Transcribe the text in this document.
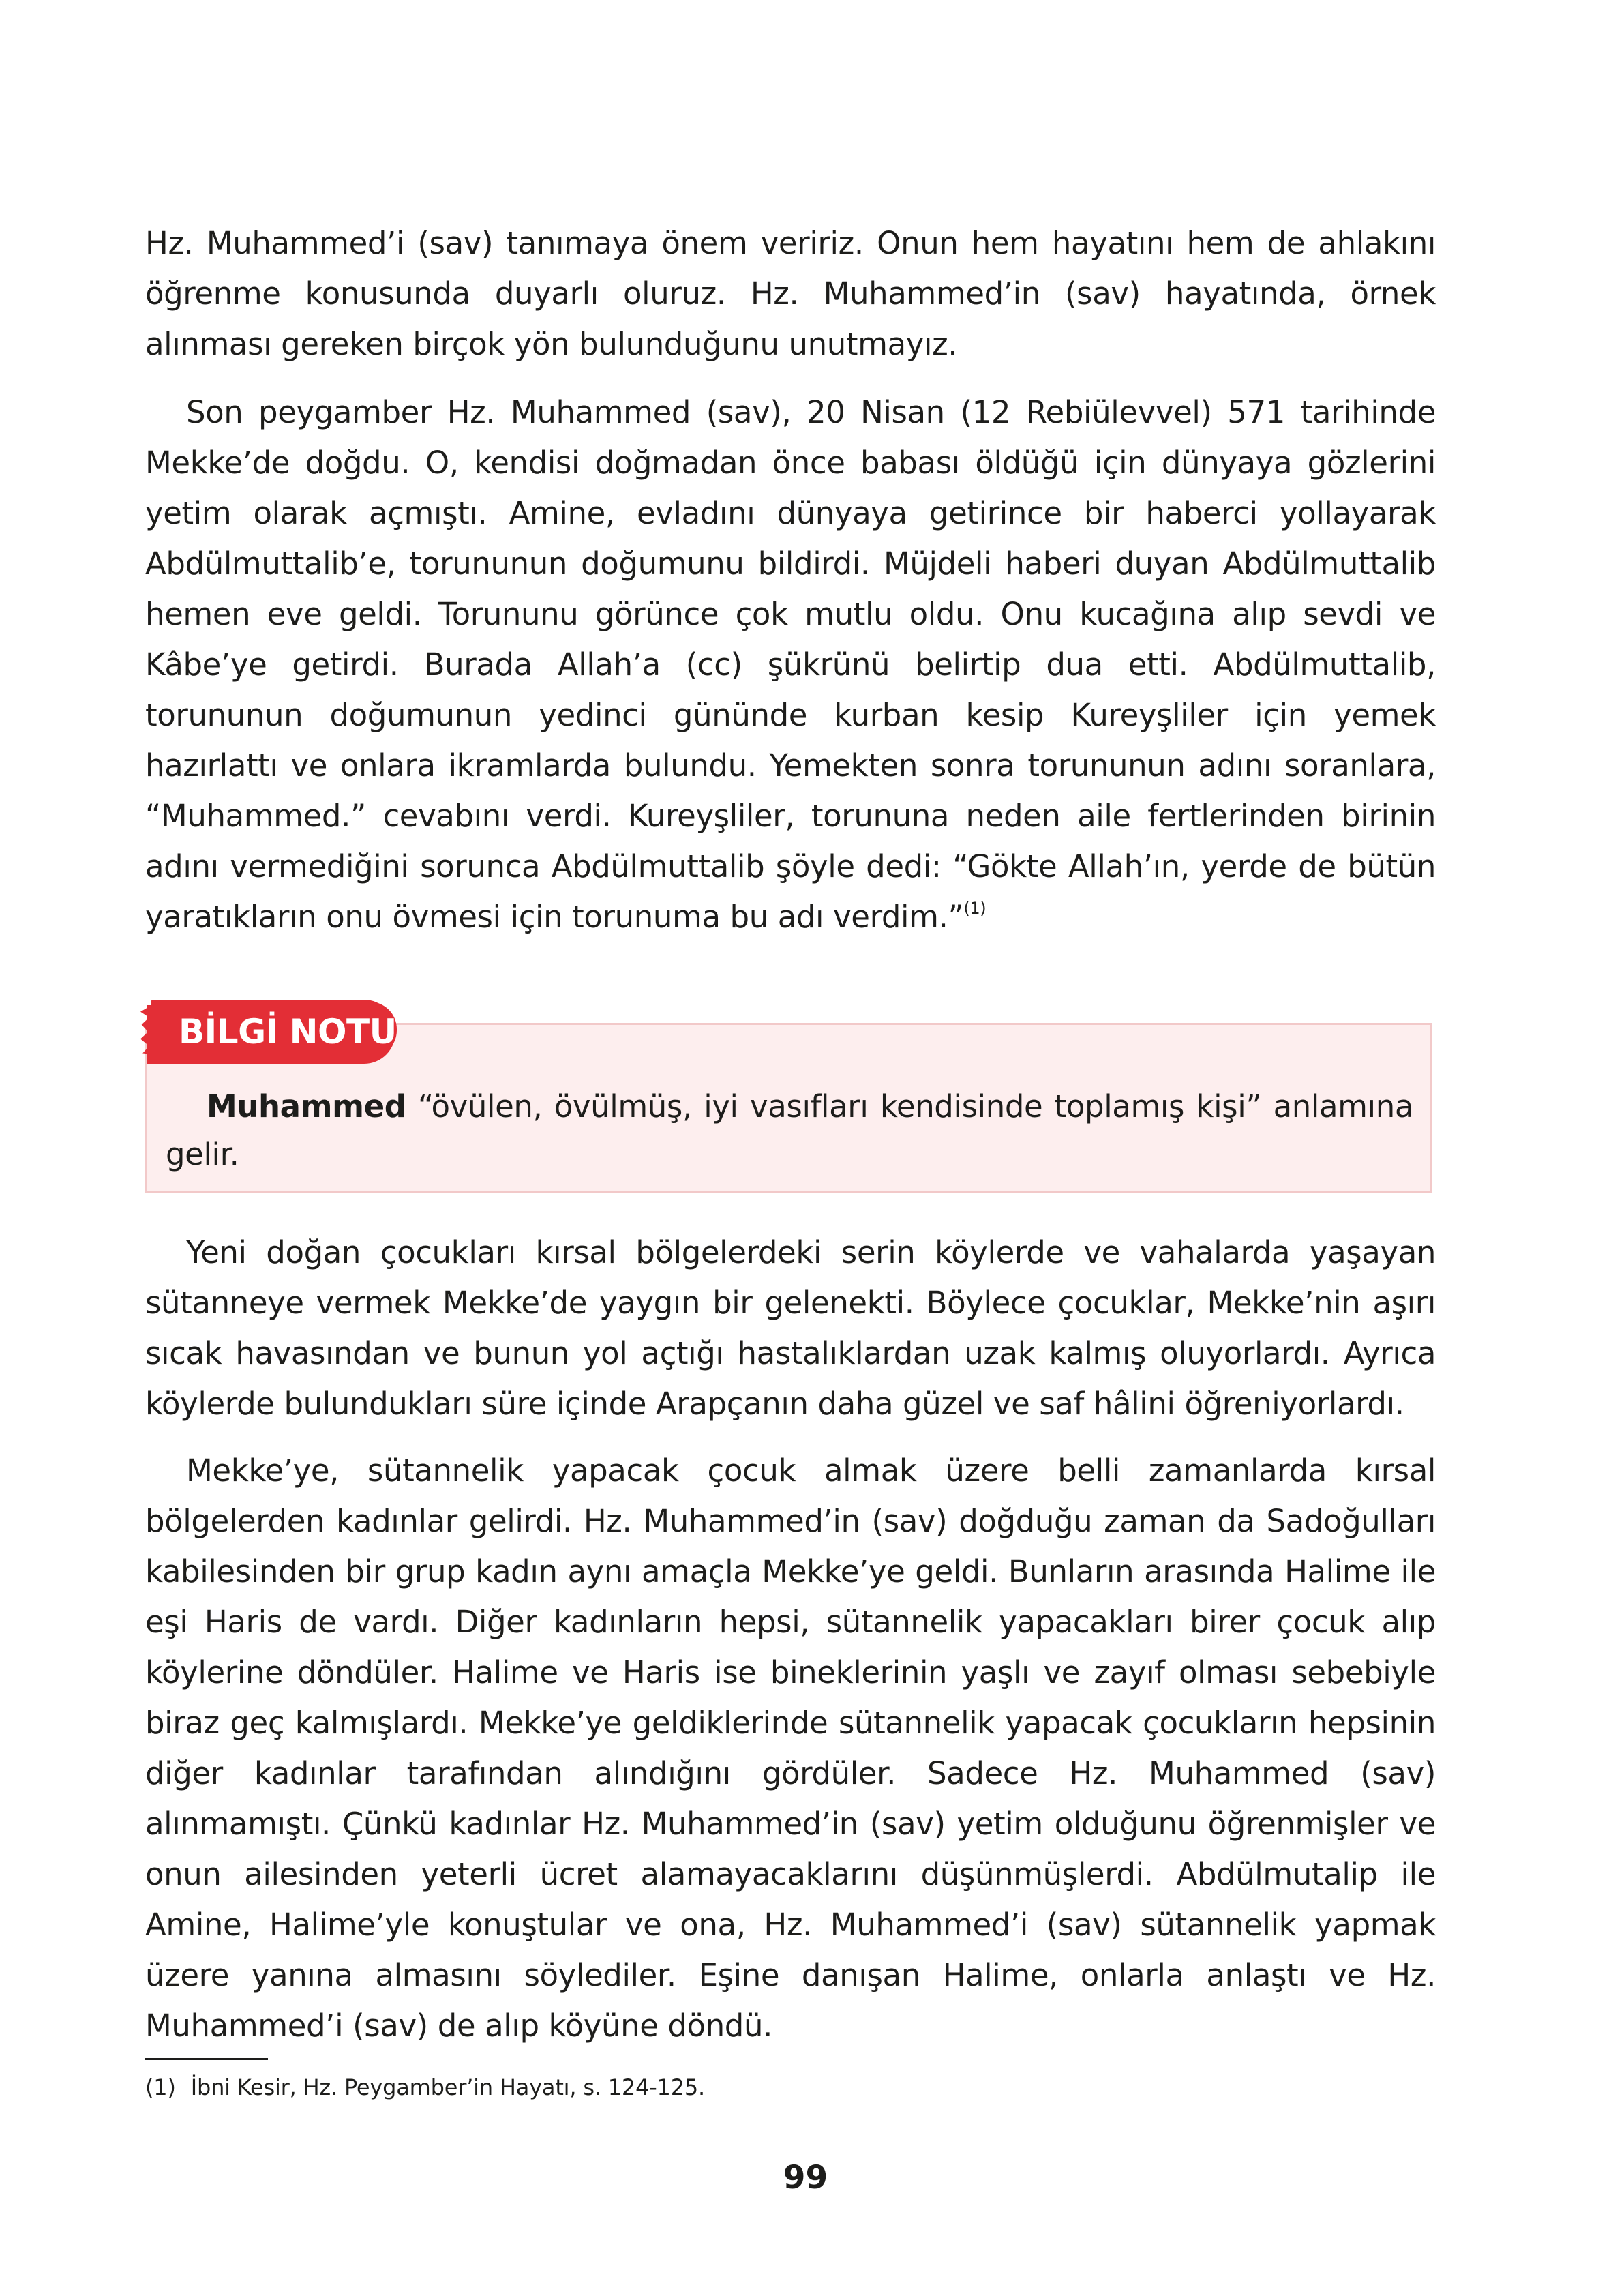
Hz. Muhammed’i (sav) tanımaya önem veririz. Onun hem hayatını hem de ahlakını öğrenme konusunda duyarlı oluruz. Hz. Muhammed’in (sav) hayatında, örnek alınması gereken birçok yön bulunduğunu unutmayız.

Son peygamber Hz. Muhammed (sav), 20 Nisan (12 Rebiülevvel) 571 tarihinde Mekke’de doğdu. O, kendisi doğmadan önce babası öldüğü için dünyaya gözlerini yetim olarak açmıştı. Amine, evladını dünyaya getirince bir haberci yollayarak Abdülmuttalib’e, torununun doğumunu bildirdi. Müjdeli haberi duyan Abdülmuttalib hemen eve geldi. Torununu görünce çok mutlu oldu. Onu kucağına alıp sevdi ve Kâbe’ye getirdi. Burada Allah’a (cc) şükrünü belirtip dua etti. Abdülmuttalib, torununun doğumunun yedinci gününde kurban kesip Kureyşliler için yemek hazırlattı ve onlara ikramlarda bulundu. Yemekten sonra torununun adını soranlara, “Muhammed.” cevabını verdi. Kureyşliler, torununa neden aile fertlerinden birinin adını vermediğini sorunca Abdülmuttalib şöyle dedi: “Gökte Allah’ın, yerde de bütün yaratıkların onu övmesi için torunuma bu adı verdim.”$^{(1)}$

BİLGİ NOTU

Muhammed “övülen, övülmüş, iyi vasıfları kendisinde toplamış kişi” anlamına gelir.

Yeni doğan çocukları kırsal bölgelerdeki serin köylerde ve vahalarda yaşayan sütanneye vermek Mekke’de yaygın bir gelenekti. Böylece çocuklar, Mekke’nin aşırı sıcak havasından ve bunun yol açtığı hastalıklardan uzak kalmış oluyorlardı. Ayrıca köylerde bulundukları süre içinde Arapçanın daha güzel ve saf hâlini öğreniyorlardı.

Mekke’ye, sütannelik yapacak çocuk almak üzere belli zamanlarda kırsal bölgelerden kadınlar gelirdi. Hz. Muhammed’in (sav) doğduğu zaman da Sadoğulları kabilesinden bir grup kadın aynı amaçla Mekke’ye geldi. Bunların arasında Halime ile eşi Haris de vardı. Diğer kadınların hepsi, sütannelik yapacakları birer çocuk alıp köylerine döndüler. Halime ve Haris ise bineklerinin yaşlı ve zayıf olması sebebiyle biraz geç kalmışlardı. Mekke’ye geldiklerinde sütannelik yapacak çocukların hepsinin diğer kadınlar tarafından alındığını gördüler. Sadece Hz. Muhammed (sav) alınmamıştı. Çünkü kadınlar Hz. Muhammed’in (sav) yetim olduğunu öğrenmişler ve onun ailesinden yeterli ücret alamayacaklarını düşünmüşlerdi. Abdülmutalip ile Amine, Halime’yle konuştular ve ona, Hz. Muhammed’i (sav) sütannelik yapmak üzere yanına almasını söylediler. Eşine danışan Halime, onlarla anlaştı ve Hz. Muhammed’i (sav) de alıp köyüne döndü.

(1) İbni Kesir, Hz. Peygamber’in Hayatı, s. 124-125.
99
